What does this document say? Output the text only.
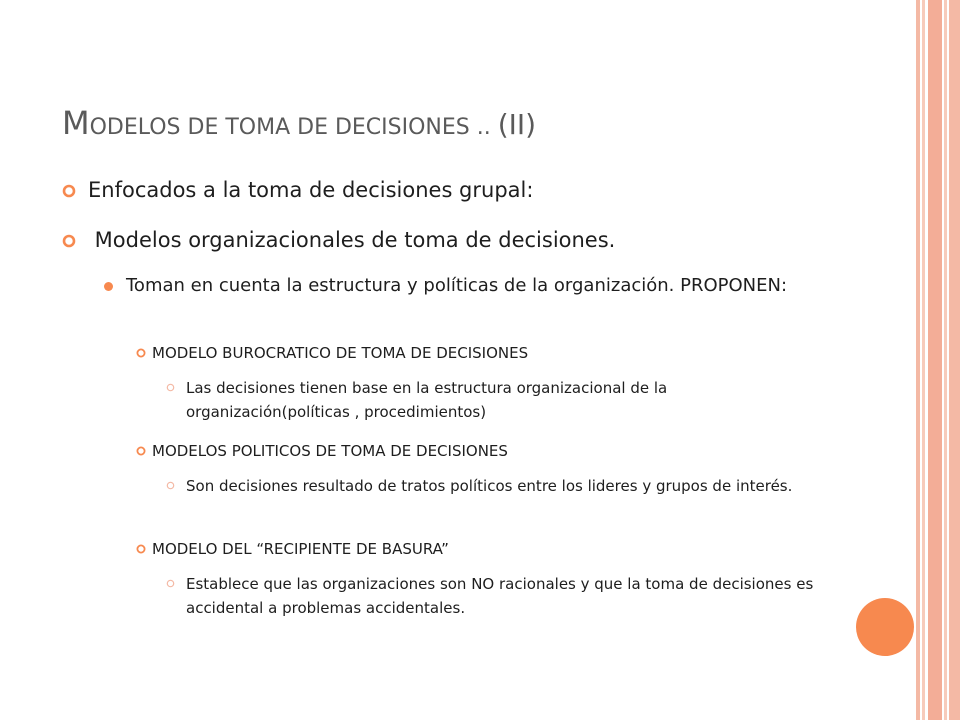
MODELOS DE TOMA DE DECISIONES .. (II)
Enfocados a la toma de decisiones grupal:
Modelos organizacionales de toma de decisiones.
Toman en cuenta la estructura y políticas de la organización. PROPONEN:
MODELO BUROCRATICO DE TOMA DE DECISIONES
Las decisiones tienen base en la estructura organizacional de la organización(políticas , procedimientos)
MODELOS POLITICOS DE TOMA DE DECISIONES
Son decisiones resultado de tratos políticos entre los lideres y grupos de interés.
MODELO DEL “RECIPIENTE DE BASURA”
Establece que las organizaciones son NO racionales y que la toma de decisiones es accidental a problemas accidentales.
